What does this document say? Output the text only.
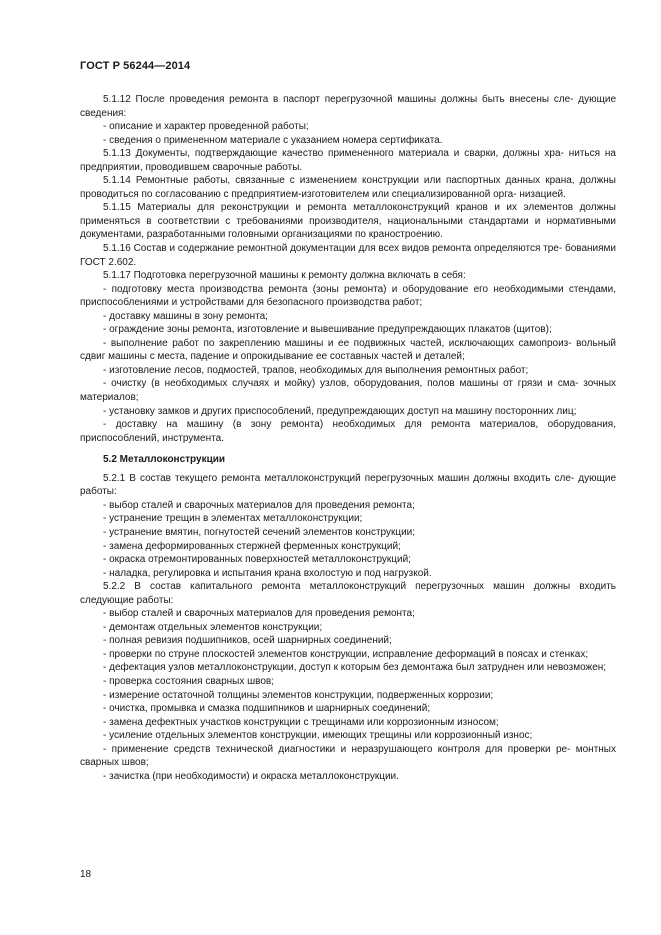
ГОСТ Р 56244—2014

5.1.12 После проведения ремонта в паспорт перегрузочной машины должны быть внесены сле- дующие сведения:

- описание и характер проведенной работы;

- сведения о примененном материале с указанием номера сертификата.

5.1.13 Документы, подтверждающие качество примененного материала и сварки, должны хра- ниться на предприятии, проводившем сварочные работы.

5.1.14 Ремонтные работы, связанные с изменением конструкции или паспортных данных крана, должны проводиться по согласованию с предприятием-изготовителем или специализированной орга- низацией.

5.1.15 Материалы для реконструкции и ремонта металлоконструкций кранов и их элементов должны применяться в соответствии с требованиями производителя, национальными стандартами и нормативными документами, разработанными головными организациями по краностроению.

5.1.16 Состав и содержание ремонтной документации для всех видов ремонта определяются тре- бованиями ГОСТ 2.602.

5.1.17 Подготовка перегрузочной машины к ремонту должна включать в себя:

- подготовку места производства ремонта (зоны ремонта) и оборудование его необходимыми стендами, приспособлениями и устройствами для безопасного производства работ;

- доставку машины в зону ремонта;

- ограждение зоны ремонта, изготовление и вывешивание предупреждающих плакатов (щитов);

- выполнение работ по закреплению машины и ее подвижных частей, исключающих самопроиз- вольный сдвиг машины с места, падение и опрокидывание ее составных частей и деталей;

- изготовление лесов, подмостей, трапов, необходимых для выполнения ремонтных работ;

- очистку (в необходимых случаях и мойку) узлов, оборудования, полов машины от грязи и сма- зочных материалов;

- установку замков и других приспособлений, предупреждающих доступ на машину посторонних лиц;

- доставку на машину (в зону ремонта) необходимых для ремонта материалов, оборудования, приспособлений, инструмента.

5.2 Металлоконструкции

5.2.1 В состав текущего ремонта металлоконструкций перегрузочных машин должны входить сле- дующие работы:

- выбор сталей и сварочных материалов для проведения ремонта;

- устранение трещин в элементах металлоконструкции;

- устранение вмятин, погнутостей сечений элементов конструкции;

- замена деформированных стержней ферменных конструкций;

- окраска отремонтированных поверхностей металлоконструкций;

- наладка, регулировка и испытания крана вхолостую и под нагрузкой.

5.2.2 В состав капитального ремонта металлоконструкций перегрузочных машин должны входить следующие работы:

- выбор сталей и сварочных материалов для проведения ремонта;

- демонтаж отдельных элементов конструкции;

- полная ревизия подшипников, осей шарнирных соединений;

- проверки по струне плоскостей элементов конструкции, исправление деформаций в поясах и стенках;

- дефектация узлов металлоконструкции, доступ к которым без демонтажа был затруднен или невозможен;

- проверка состояния сварных швов;

- измерение остаточной толщины элементов конструкции, подверженных коррозии;

- очистка, промывка и смазка подшипников и шарнирных соединений;

- замена дефектных участков конструкции с трещинами или коррозионным износом;

- усиление отдельных элементов конструкции, имеющих трещины или коррозионный износ;

- применение средств технической диагностики и неразрушающего контроля для проверки ре- монтных сварных швов;

- зачистка (при необходимости) и окраска металлоконструкции.

18
